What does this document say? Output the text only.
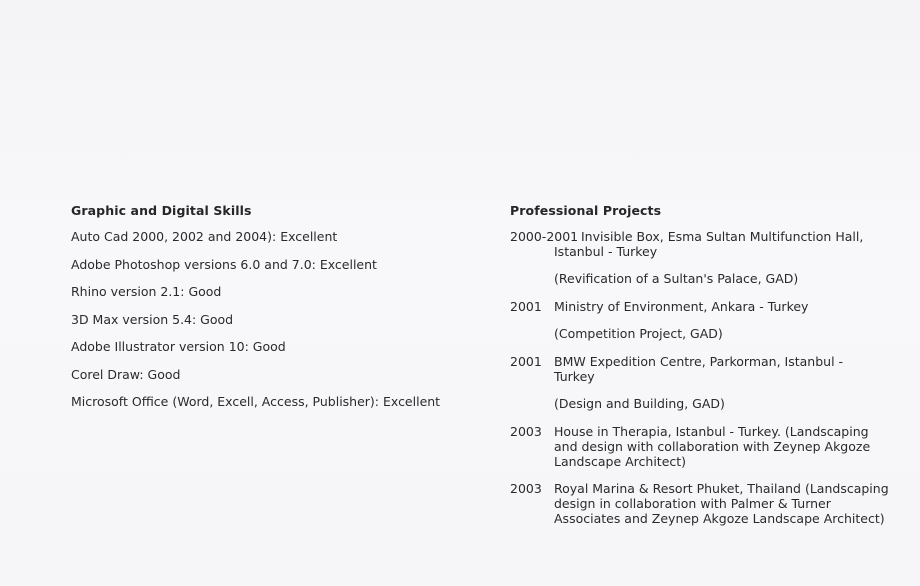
Graphic and Digital Skills
Auto Cad 2000, 2002 and 2004): Excellent
Adobe Photoshop versions 6.0 and 7.0: Excellent
Rhino version 2.1: Good
3D Max version 5.4: Good
Adobe Illustrator version 10: Good
Corel Draw: Good
Microsoft Office (Word, Excell, Access, Publisher): Excellent
Professional Projects
2000-2001 Invisible Box, Esma Sultan Multifunction Hall,
Istanbul - Turkey
(Revification of a Sultan's Palace, GAD)
2001 Ministry of Environment, Ankara - Turkey
(Competition Project, GAD)
2001 BMW Expedition Centre, Parkorman, Istanbul -
Turkey
(Design and Building, GAD)
2003 House in Therapia, Istanbul - Turkey. (Landscaping
and design with collaboration with Zeynep Akgoze
Landscape Architect)
2003 Royal Marina & Resort Phuket, Thailand (Landscaping
design in collaboration with Palmer & Turner
Associates and Zeynep Akgoze Landscape Architect)
